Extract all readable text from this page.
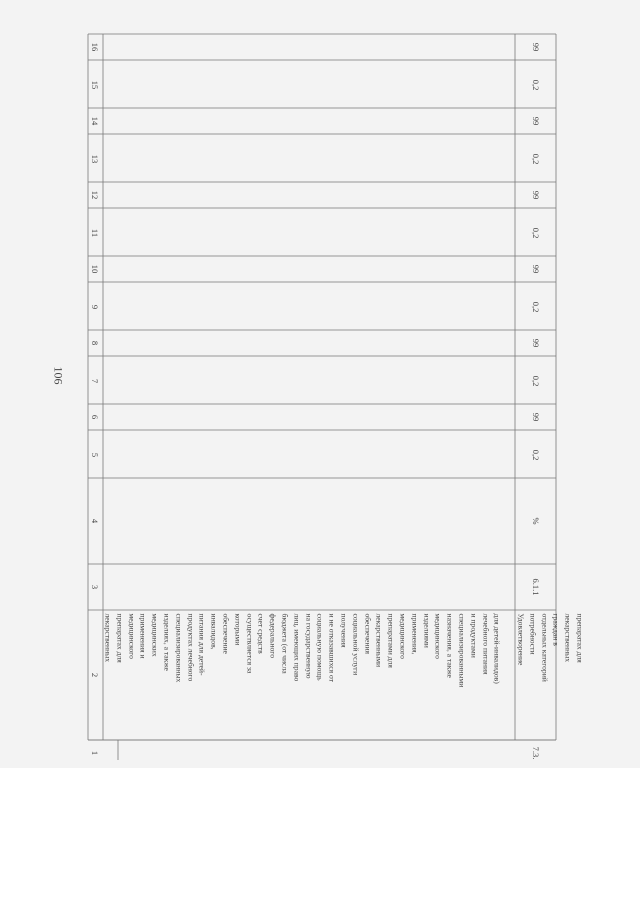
106
1
2
3
4
5
6
7
8
9
10
11
12
13
14
15
16
лекарственных препаратах для медицинского применения и медицинских изделиях, а также специализированных продуктах лечебного питания для детей- инвалидов, обеспечение которыми осуществляется за счет средств федерального бюджета (от числа лиц, имеющих право на государственную социальную помощь и не отказавшихся от получения социальной услуги обеспечения лекарственными препаратами для медицинского применения, изделиями медицинского назначения, а также специализированными и продуктами лечебного питания для детей-инвалидов)
7.3.
Удовлетворение потребности отдельных категорий граждан в лекарственных препаратах для
6.1.1
%
0,2
99
0,2
99
0,2
99
0,2
99
0,2
99
0,2
99
